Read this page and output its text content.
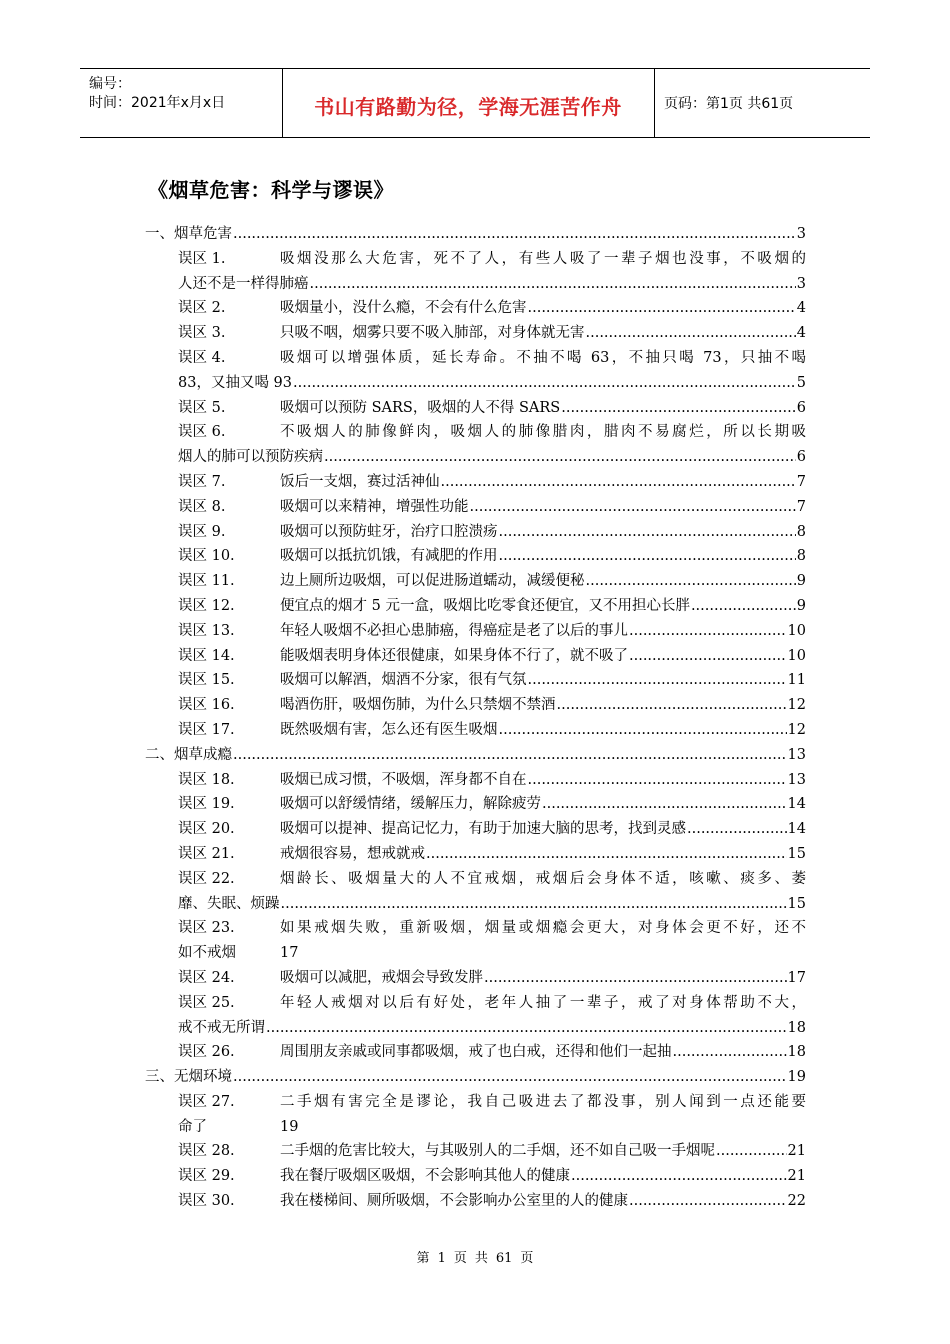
编号：
时间：2021年x月x日	书山有路勤为径，学海无涯苦作舟	页码：第1页 共61页
《烟草危害：科学与谬误》
一、烟草危害 .....	3
误区 1.	吸烟没那么大危害，死不了人，有些人吸了一辈子烟也没事，不吸烟的
人还不是一样得肺癌 .....	3
误区 2.	吸烟量小，没什么瘾，不会有什么危害 .....	4
误区 3.	只吸不咽，烟雾只要不吸入肺部，对身体就无害 .....	4
误区 4.	吸烟可以增强体质，延长寿命。不抽不喝 63，不抽只喝 73，只抽不喝
83，又抽又喝 93 .....	5
误区 5.	吸烟可以预防 SARS，吸烟的人不得 SARS .....	6
误区 6.	不吸烟人的肺像鲜肉，吸烟人的肺像腊肉，腊肉不易腐烂，所以长期吸
烟人的肺可以预防疾病 .....	6
误区 7.	饭后一支烟，赛过活神仙 .....	7
误区 8.	吸烟可以来精神，增强性功能 .....	7
误区 9.	吸烟可以预防蛀牙，治疗口腔溃疡 .....	8
误区 10.	吸烟可以抵抗饥饿，有减肥的作用 .....	8
误区 11.	边上厕所边吸烟，可以促进肠道蠕动，减缓便秘 .....	9
误区 12.	便宜点的烟才 5 元一盒，吸烟比吃零食还便宜，又不用担心长胖 .....	9
误区 13.	年轻人吸烟不必担心患肺癌，得癌症是老了以后的事儿 .....	10
误区 14.	能吸烟表明身体还很健康，如果身体不行了，就不吸了 .....	10
误区 15.	吸烟可以解酒，烟酒不分家，很有气氛 .....	11
误区 16.	喝酒伤肝，吸烟伤肺，为什么只禁烟不禁酒 .....	12
误区 17.	既然吸烟有害，怎么还有医生吸烟 .....	12
二、烟草成瘾 .....	13
误区 18.	吸烟已成习惯，不吸烟，浑身都不自在 .....	13
误区 19.	吸烟可以舒缓情绪，缓解压力，解除疲劳 .....	14
误区 20.	吸烟可以提神、提高记忆力，有助于加速大脑的思考，找到灵感 .....	14
误区 21.	戒烟很容易，想戒就戒 .....	15
误区 22.	烟龄长、吸烟量大的人不宜戒烟，戒烟后会身体不适，咳嗽、痰多、萎
靡、失眠、烦躁 .....	15
误区 23.	如果戒烟失败，重新吸烟，烟量或烟瘾会更大，对身体会更不好，还不
如不戒烟	17
误区 24.	吸烟可以减肥，戒烟会导致发胖 .....	17
误区 25.	年轻人戒烟对以后有好处，老年人抽了一辈子，戒了对身体帮助不大，
戒不戒无所谓 .....	18
误区 26.	周围朋友亲戚或同事都吸烟，戒了也白戒，还得和他们一起抽 .....	18
三、无烟环境 .....	19
误区 27.	二手烟有害完全是谬论，我自己吸进去了都没事，别人闻到一点还能要
命了	19
误区 28.	二手烟的危害比较大，与其吸别人的二手烟，还不如自己吸一手烟呢 .....	21
误区 29.	我在餐厅吸烟区吸烟，不会影响其他人的健康 .....	21
误区 30.	我在楼梯间、厕所吸烟，不会影响办公室里的人的健康 .....	22
第 1 页 共 61 页
